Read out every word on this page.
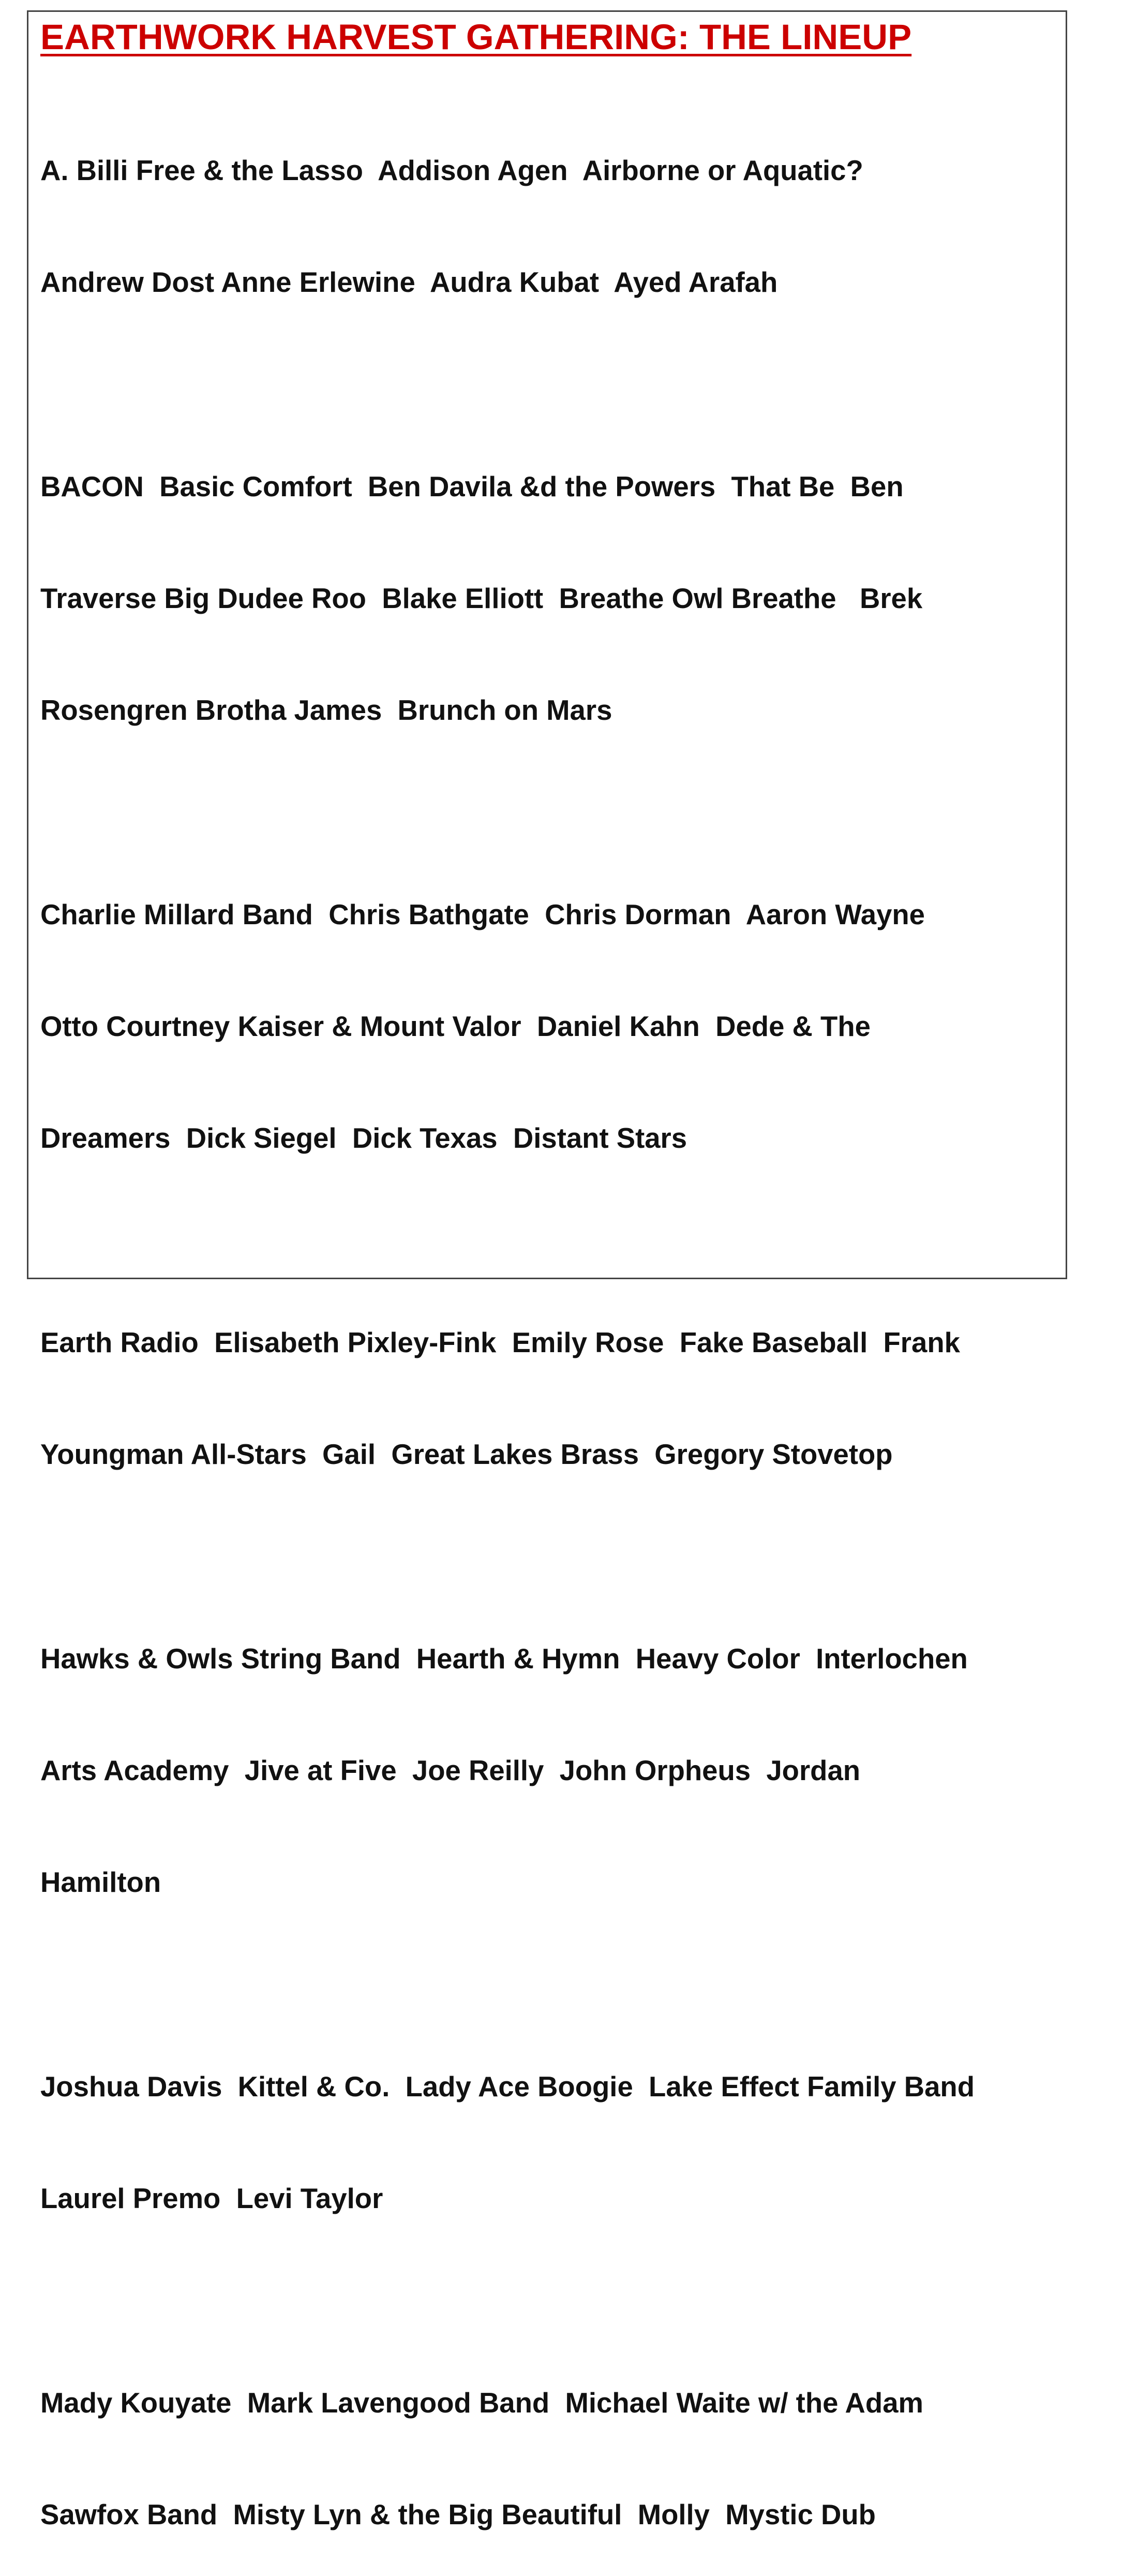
EARTHWORK HARVEST GATHERING: THE LINEUP

A. Billi Free & the Lasso  Addison Agen  Airborne or Aquatic?

Andrew Dost Anne Erlewine  Audra Kubat  Ayed Arafah

BACON  Basic Comfort  Ben Davila &d the Powers  That Be  Ben

Traverse Big Dudee Roo  Blake Elliott  Breathe Owl Breathe   Brek

Rosengren Brotha James  Brunch on Mars

Charlie Millard Band  Chris Bathgate  Chris Dorman  Aaron Wayne

Otto Courtney Kaiser & Mount Valor  Daniel Kahn  Dede & The

Dreamers  Dick Siegel  Dick Texas  Distant Stars

Earth Radio  Elisabeth Pixley-Fink  Emily Rose  Fake Baseball  Frank

Youngman All-Stars  Gail  Great Lakes Brass  Gregory Stovetop

Hawks & Owls String Band  Hearth & Hymn  Heavy Color  Interlochen

Arts Academy  Jive at Five  Joe Reilly  John Orpheus  Jordan

Hamilton

Joshua Davis  Kittel & Co.  Lady Ace Boogie  Lake Effect Family Band

Laurel Premo  Levi Taylor

Mady Kouyate  Mark Lavengood Band  Michael Waite w/ the Adam

Sawfox Band  Misty Lyn & the Big Beautiful  Molly  Mystic Dub
